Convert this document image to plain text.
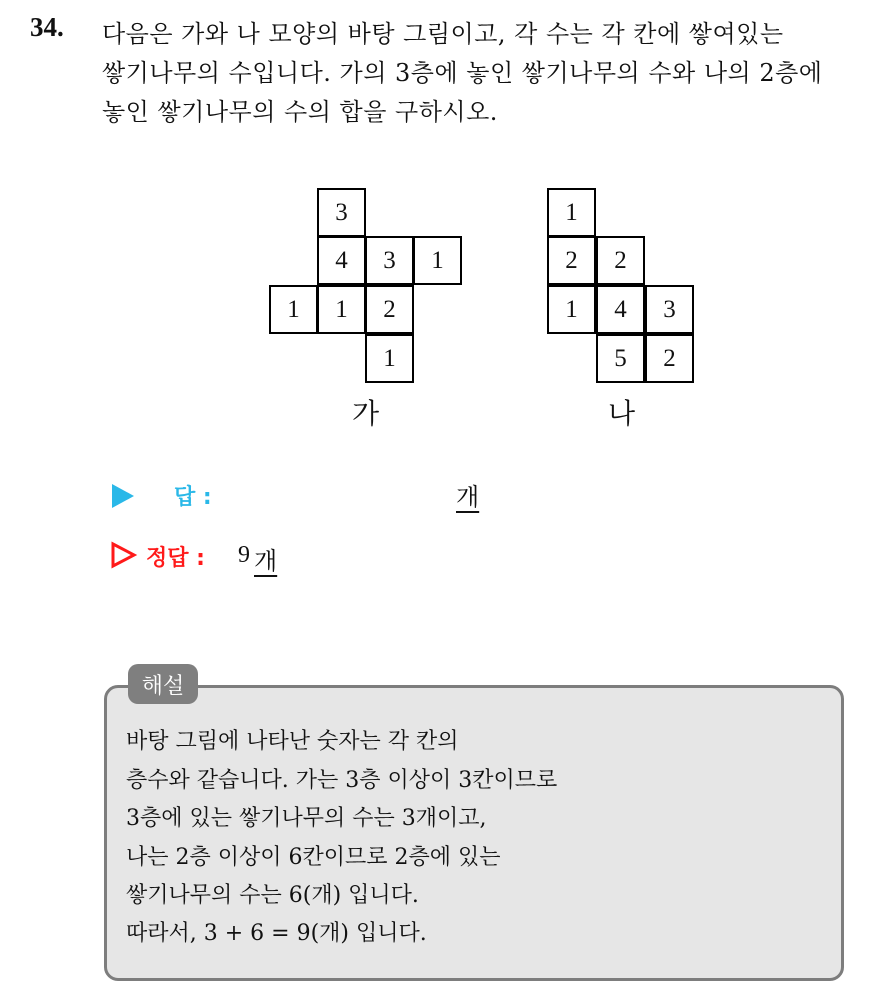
34. 다음은 가와 나 모양의 바탕 그림이고, 각 수는 각 칸에 쌓여있는
쌓기나무의 수입니다. 가의 3층에 놓인 쌓기나무의 수와 나의 2층에
놓인 쌓기나무의 수의 합을 구하시오.
3
4	3	1
1	1	2
1
가
1
2	2
1	4	3
5	2
나
답 :	개
정답 : 9 개
해설
바탕 그림에 나타난 숫자는 각 칸의
층수와 같습니다. 가는 3층 이상이 3칸이므로
3층에 있는 쌓기나무의 수는 3개이고,
나는 2층 이상이 6칸이므로 2층에 있는
쌓기나무의 수는 6(개) 입니다.
따라서, 3 + 6 = 9(개) 입니다.
